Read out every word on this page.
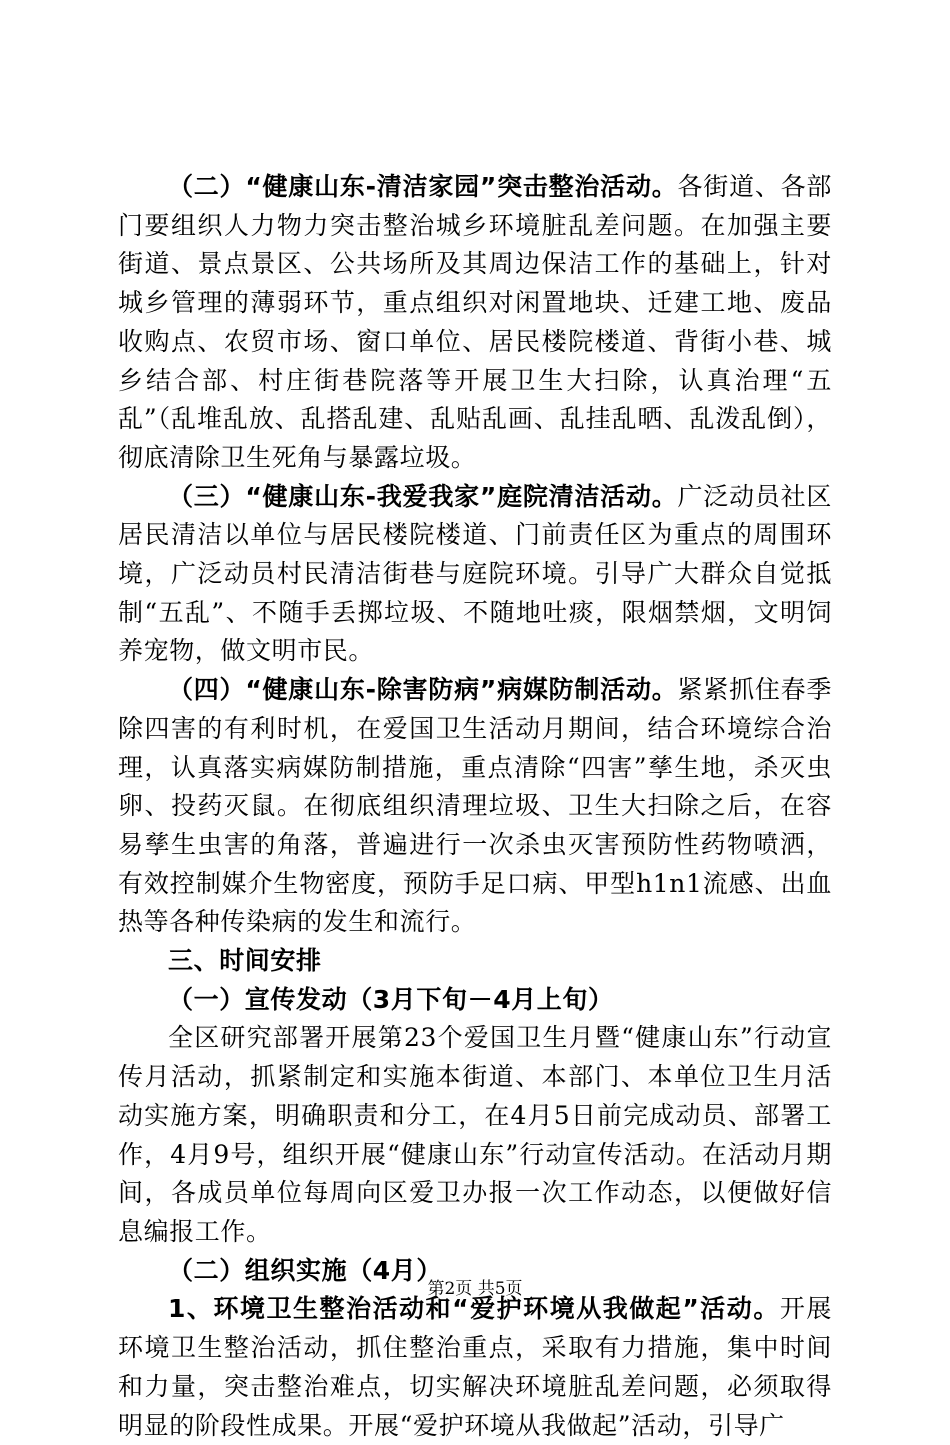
（二）“健康山东-清洁家园”突击整治活动。各街道、各部门要组织人力物力突击整治城乡环境脏乱差问题。在加强主要街道、景点景区、公共场所及其周边保洁工作的基础上，针对城乡管理的薄弱环节，重点组织对闲置地块、迁建工地、废品收购点、农贸市场、窗口单位、居民楼院楼道、背街小巷、城乡结合部、村庄街巷院落等开展卫生大扫除，认真治理“五乱”（乱堆乱放、乱搭乱建、乱贴乱画、乱挂乱晒、乱泼乱倒），彻底清除卫生死角与暴露垃圾。

（三）“健康山东-我爱我家”庭院清洁活动。广泛动员社区居民清洁以单位与居民楼院楼道、门前责任区为重点的周围环境，广泛动员村民清洁街巷与庭院环境。引导广大群众自觉抵制“五乱”、不随手丢掷垃圾、不随地吐痰，限烟禁烟，文明饲养宠物，做文明市民。

（四）“健康山东-除害防病”病媒防制活动。紧紧抓住春季除四害的有利时机，在爱国卫生活动月期间，结合环境综合治理，认真落实病媒防制措施，重点清除“四害”孳生地，杀灭虫卵、投药灭鼠。在彻底组织清理垃圾、卫生大扫除之后，在容易孳生虫害的角落，普遍进行一次杀虫灭害预防性药物喷洒，有效控制媒介生物密度，预防手足口病、甲型h1n1流感、出血热等各种传染病的发生和流行。

三、时间安排

（一）宣传发动（3月下旬－4月上旬）

全区研究部署开展第23个爱国卫生月暨“健康山东”行动宣传月活动，抓紧制定和实施本街道、本部门、本单位卫生月活动实施方案，明确职责和分工，在4月5日前完成动员、部署工作，4月9号，组织开展“健康山东”行动宣传活动。在活动月期间，各成员单位每周向区爱卫办报一次工作动态，以便做好信息编报工作。

（二）组织实施（4月）

1、环境卫生整治活动和“爱护环境从我做起”活动。开展环境卫生整治活动，抓住整治重点，采取有力措施，集中时间和力量，突击整治难点，切实解决环境脏乱差问题，必须取得明显的阶段性成果。开展“爱护环境从我做起”活动，引导广

第2页 共5页
